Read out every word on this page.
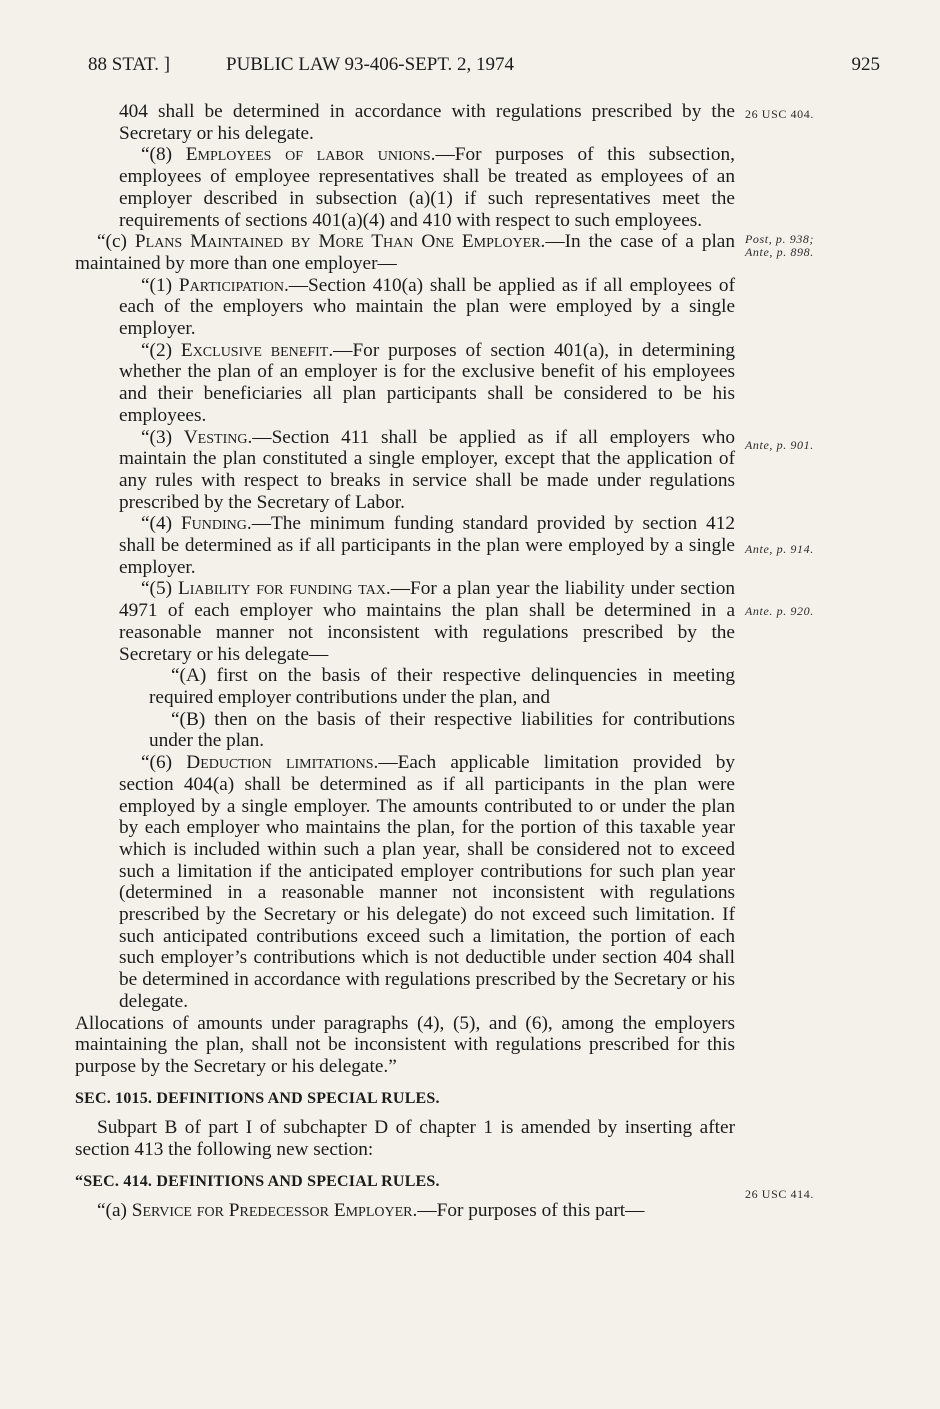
88 STAT. ]	PUBLIC LAW 93-406-SEPT. 2, 1974	925
26 USC 404.
Post, p. 938;
Ante, p. 898.
Ante, p. 901.
Ante, p. 914.
Ante. p. 920.
26 USC 414.

404 shall be determined in accordance with regulations prescribed by the Secretary or his delegate.

“(8) Employees of labor unions.—For purposes of this subsection, employees of employee representatives shall be treated as employees of an employer described in subsection (a)(1) if such representatives meet the requirements of sections 401(a)(4) and 410 with respect to such employees.

“(c) Plans Maintained by More Than One Employer.—In the case of a plan maintained by more than one employer—

“(1) Participation.—Section 410(a) shall be applied as if all employees of each of the employers who maintain the plan were employed by a single employer.

“(2) Exclusive benefit.—For purposes of section 401(a), in determining whether the plan of an employer is for the exclusive benefit of his employees and their beneficiaries all plan participants shall be considered to be his employees.

“(3) Vesting.—Section 411 shall be applied as if all employers who maintain the plan constituted a single employer, except that the application of any rules with respect to breaks in service shall be made under regulations prescribed by the Secretary of Labor.

“(4) Funding.—The minimum funding standard provided by section 412 shall be determined as if all participants in the plan were employed by a single employer.

“(5) Liability for funding tax.—For a plan year the liability under section 4971 of each employer who maintains the plan shall be determined in a reasonable manner not inconsistent with regulations prescribed by the Secretary or his delegate—

“(A) first on the basis of their respective delinquencies in meeting required employer contributions under the plan, and

“(B) then on the basis of their respective liabilities for contributions under the plan.

“(6) Deduction limitations.—Each applicable limitation provided by section 404(a) shall be determined as if all participants in the plan were employed by a single employer. The amounts contributed to or under the plan by each employer who maintains the plan, for the portion of this taxable year which is included within such a plan year, shall be considered not to exceed such a limitation if the anticipated employer contributions for such plan year (determined in a reasonable manner not inconsistent with regulations prescribed by the Secretary or his delegate) do not exceed such limitation. If such anticipated contributions exceed such a limitation, the portion of each such employer’s contributions which is not deductible under section 404 shall be determined in accordance with regulations prescribed by the Secretary or his delegate.

Allocations of amounts under paragraphs (4), (5), and (6), among the employers maintaining the plan, shall not be inconsistent with regulations prescribed for this purpose by the Secretary or his delegate.”

SEC. 1015. DEFINITIONS AND SPECIAL RULES.

Subpart B of part I of subchapter D of chapter 1 is amended by inserting after section 413 the following new section:

“SEC. 414. DEFINITIONS AND SPECIAL RULES.

“(a) Service for Predecessor Employer.—For purposes of this part—
